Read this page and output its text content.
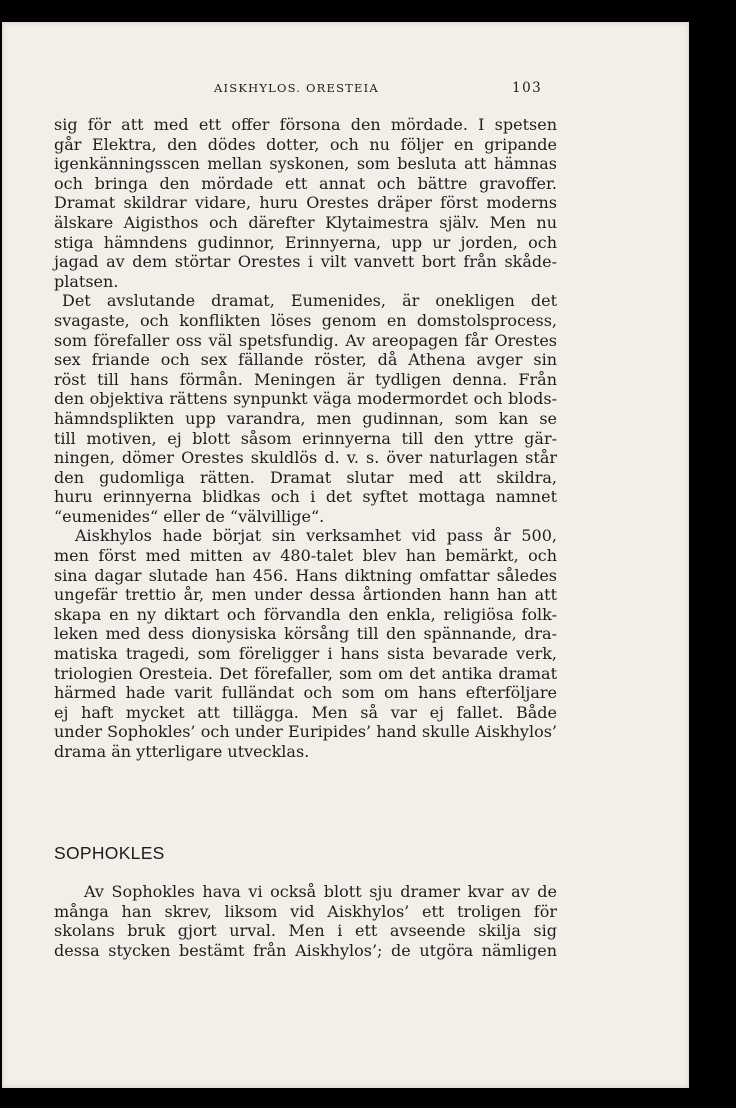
AISKHYLOS. ORESTEIA	103

sig för att med ett offer försona den mördade. I spetsen

går Elektra, den dödes dotter, och nu följer en gripande

igenkänningsscen mellan syskonen, som besluta att hämnas

och bringa den mördade ett annat och bättre gravoffer.

Dramat skildrar vidare, huru Orestes dräper först moderns

älskare Aigisthos och därefter Klytaimestra själv. Men nu

stiga hämndens gudinnor, Erinnyerna, upp ur jorden, och

jagad av dem störtar Orestes i vilt vanvett bort från skåde-

platsen.

Det avslutande dramat, Eumenides, är onekligen det

svagaste, och konflikten löses genom en domstolsprocess,

som förefaller oss väl spetsfundig. Av areopagen får Orestes

sex friande och sex fällande röster, då Athena avger sin

röst till hans förmån. Meningen är tydligen denna. Från

den objektiva rättens synpunkt väga modermordet och blods-

hämndsplikten upp varandra, men gudinnan, som kan se

till motiven, ej blott såsom erinnyerna till den yttre gär-

ningen, dömer Orestes skuldlös d. v. s. över naturlagen står

den gudomliga rätten. Dramat slutar med att skildra,

huru erinnyerna blidkas och i det syftet mottaga namnet

“eumenides“ eller de “välvillige“.

Aiskhylos hade börjat sin verksamhet vid pass år 500,

men först med mitten av 480-talet blev han bemärkt, och

sina dagar slutade han 456. Hans diktning omfattar således

ungefär trettio år, men under dessa årtionden hann han att

skapa en ny diktart och förvandla den enkla, religiösa folk-

leken med dess dionysiska körsång till den spännande, dra-

matiska tragedi, som föreligger i hans sista bevarade verk,

triologien Oresteia. Det förefaller, som om det antika dramat

härmed hade varit fulländat och som om hans efterföljare

ej haft mycket att tillägga. Men så var ej fallet. Både

under Sophokles’ och under Euripides’ hand skulle Aiskhylos’

drama än ytterligare utvecklas.

SOPHOKLES

Av Sophokles hava vi också blott sju dramer kvar av de

många han skrev, liksom vid Aiskhylos’ ett troligen för

skolans bruk gjort urval. Men i ett avseende skilja sig

dessa stycken bestämt från Aiskhylos’; de utgöra nämligen
